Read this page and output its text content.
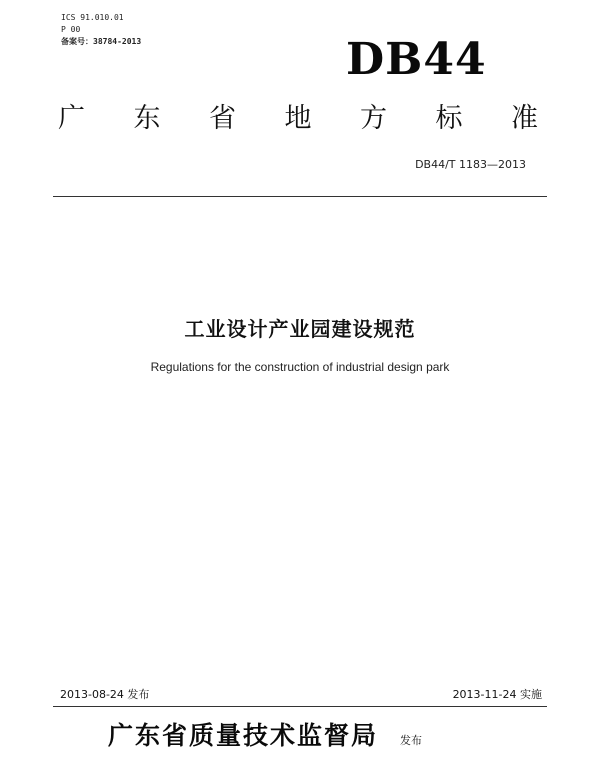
ICS 91.010.01
P 00
备案号：38784-2013	DB44
广 东 省 地 方 标 准
DB44/T 1183—2013
工业设计产业园建设规范
Regulations for the construction of industrial design park
2013-08-24 发布	2013-11-24 实施
广东省质量技术监督局 发布
